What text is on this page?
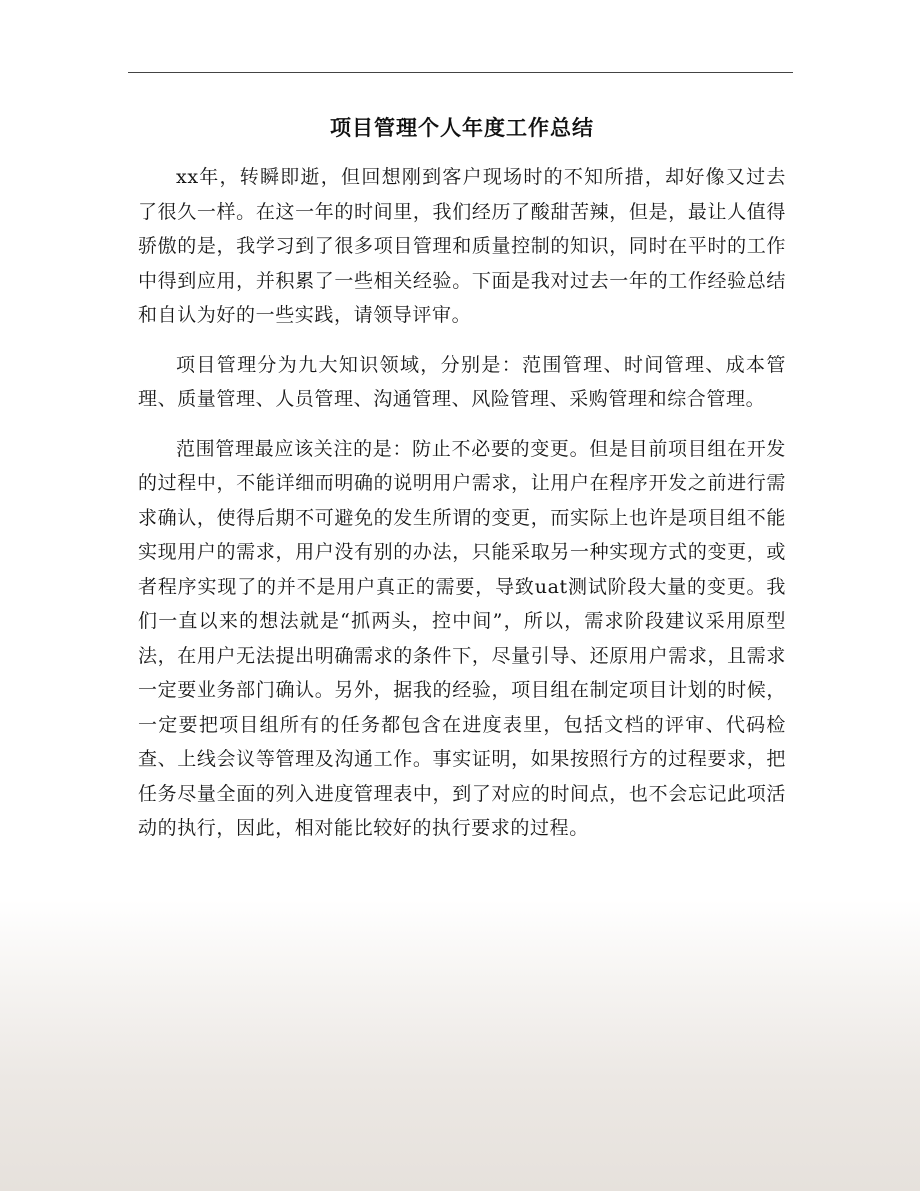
项目管理个人年度工作总结

xx年，转瞬即逝，但回想刚到客户现场时的不知所措，却好像又过去了很久一样。在这一年的时间里，我们经历了酸甜苦辣，但是，最让人值得骄傲的是，我学习到了很多项目管理和质量控制的知识，同时在平时的工作中得到应用，并积累了一些相关经验。下面是我对过去一年的工作经验总结和自认为好的一些实践，请领导评审。

项目管理分为九大知识领域，分别是：范围管理、时间管理、成本管理、质量管理、人员管理、沟通管理、风险管理、采购管理和综合管理。

范围管理最应该关注的是：防止不必要的变更。但是目前项目组在开发的过程中，不能详细而明确的说明用户需求，让用户在程序开发之前进行需求确认，使得后期不可避免的发生所谓的变更，而实际上也许是项目组不能实现用户的需求，用户没有别的办法，只能采取另一种实现方式的变更，或者程序实现了的并不是用户真正的需要，导致uat测试阶段大量的变更。我们一直以来的想法就是“抓两头，控中间”，所以，需求阶段建议采用原型法，在用户无法提出明确需求的条件下，尽量引导、还原用户需求，且需求一定要业务部门确认。另外，据我的经验，项目组在制定项目计划的时候，一定要把项目组所有的任务都包含在进度表里，包括文档的评审、代码检查、上线会议等管理及沟通工作。事实证明，如果按照行方的过程要求，把任务尽量全面的列入进度管理表中，到了对应的时间点，也不会忘记此项活动的执行，因此，相对能比较好的执行要求的过程。
